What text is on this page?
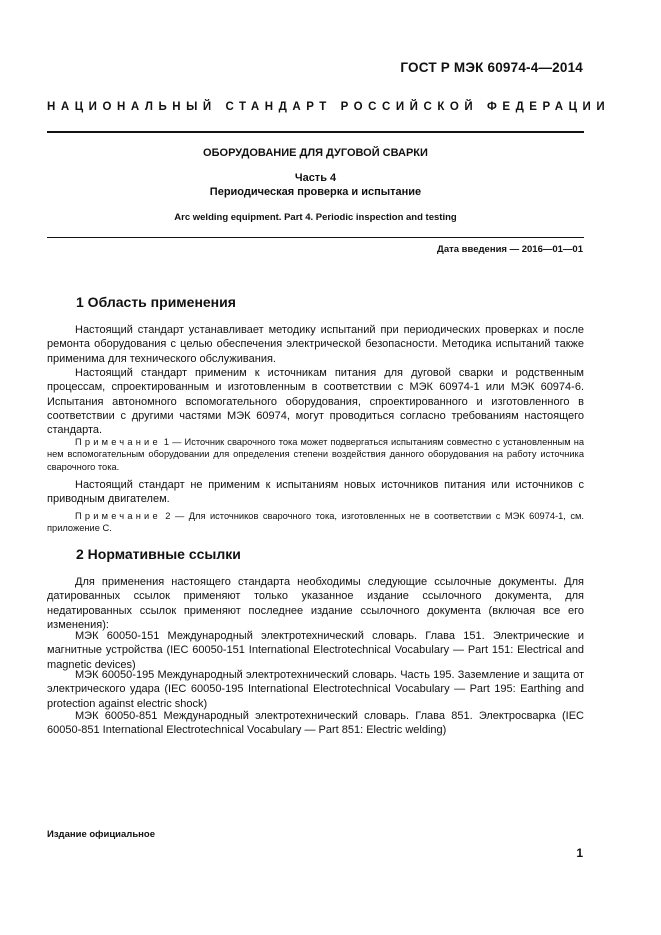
ГОСТ Р МЭК 60974-4—2014
НАЦИОНАЛЬНЫЙ СТАНДАРТ РОССИЙСКОЙ ФЕДЕРАЦИИ
ОБОРУДОВАНИЕ ДЛЯ ДУГОВОЙ СВАРКИ
Часть 4
Периодическая проверка и испытание
Arc welding equipment. Part 4. Periodic inspection and testing
Дата введения — 2016—01—01
1 Область применения

Настоящий стандарт устанавливает методику испытаний при периодических проверках и после ремонта оборудования с целью обеспечения электрической безопасности. Методика испытаний также применима для технического обслуживания.

Настоящий стандарт применим к источникам питания для дуговой сварки и родственным процессам, спроектированным и изготовленным в соответствии с МЭК 60974-1 или МЭК 60974-6. Испытания автономного вспомогательного оборудования, спроектированного и изготовленного в соответствии с другими частями МЭК 60974, могут проводиться согласно требованиям настоящего стандарта.

Примечание 1 — Источник сварочного тока может подвергаться испытаниям совместно с установленным на нем вспомогательным оборудовании для определения степени воздействия данного оборудования на работу источника сварочного тока.

Настоящий стандарт не применим к испытаниям новых источников питания или источников с приводным двигателем.

Примечание 2 — Для источников сварочного тока, изготовленных не в соответствии с МЭК 60974-1, см. приложение С.

2 Нормативные ссылки

Для применения настоящего стандарта необходимы следующие ссылочные документы. Для датированных ссылок применяют только указанное издание ссылочного документа, для недатированных ссылок применяют последнее издание ссылочного документа (включая все его изменения):

МЭК 60050-151 Международный электротехнический словарь. Глава 151. Электрические и магнитные устройства (IEC 60050-151 International Electrotechnical Vocabulary — Part 151: Electrical and magnetic devices)

МЭК 60050-195 Международный электротехнический словарь. Часть 195. Заземление и защита от электрического удара (IEC 60050-195 International Electrotechnical Vocabulary — Part 195: Earthing and protection against electric shock)

МЭК 60050-851 Международный электротехнический словарь. Глава 851. Электросварка (IEC 60050-851 International Electrotechnical Vocabulary — Part 851: Electric welding)

Издание официальное
1
